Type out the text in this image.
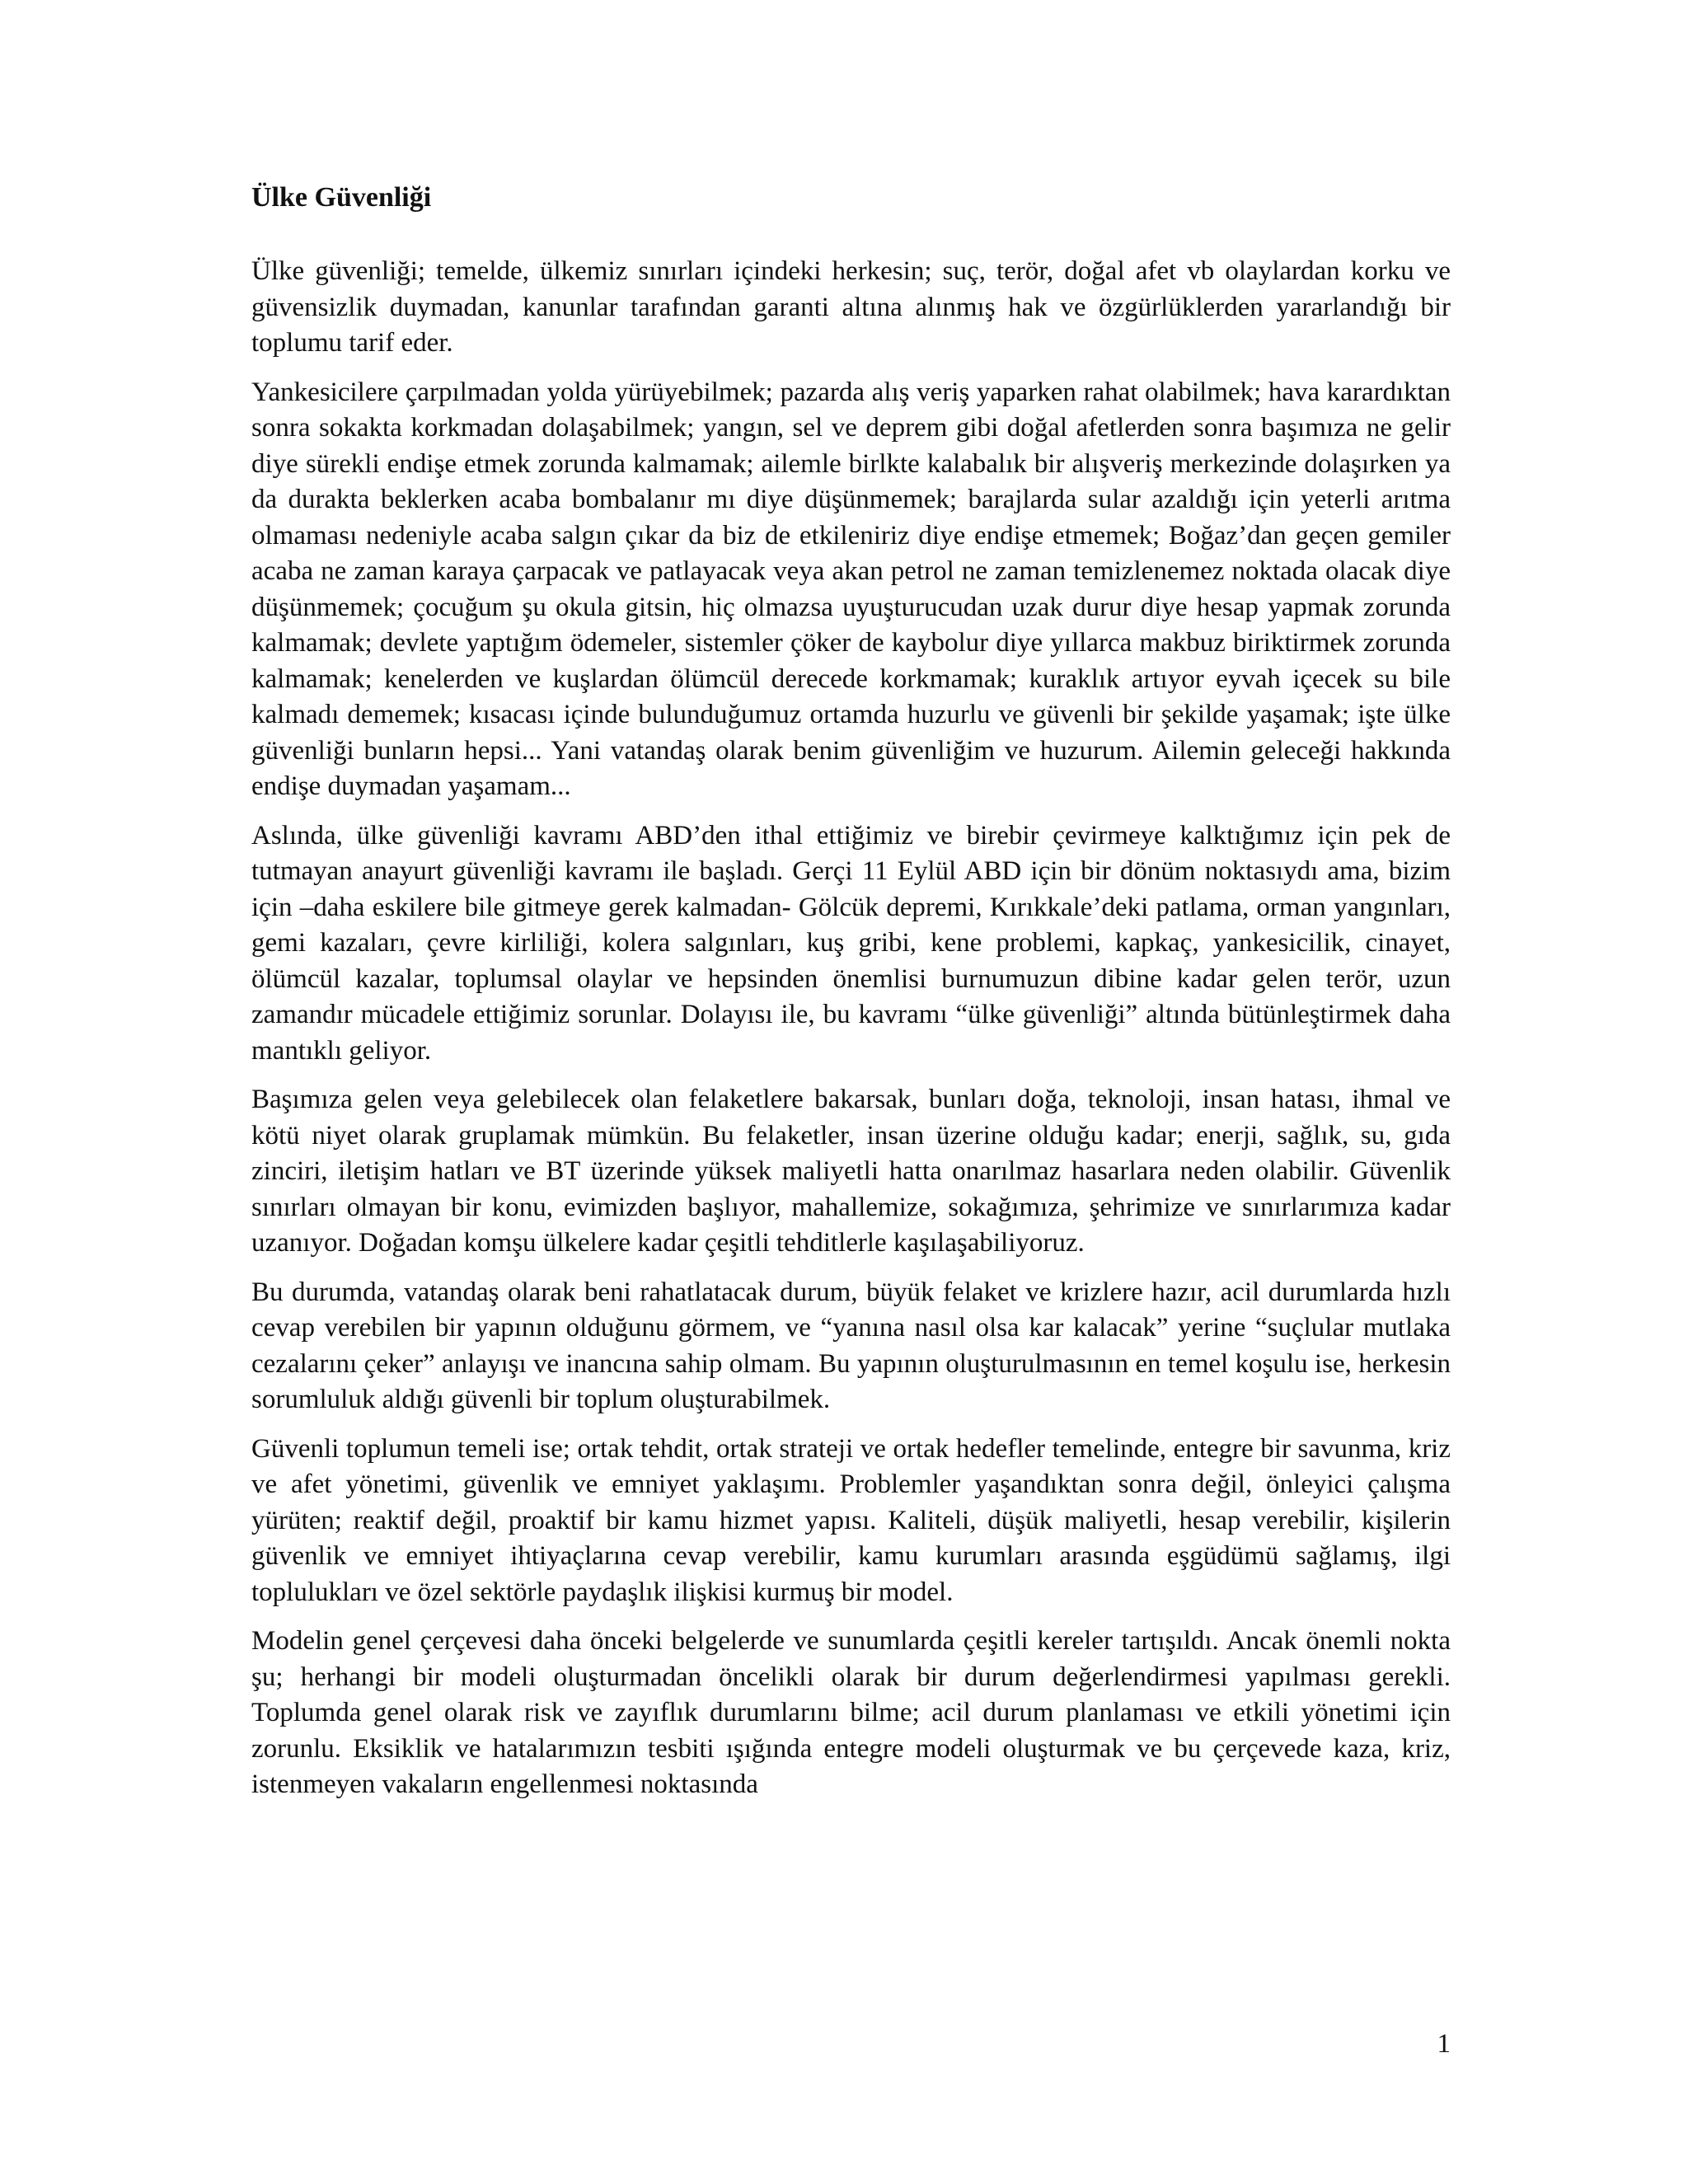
Ülke Güvenliği

Ülke güvenliği; temelde, ülkemiz sınırları içindeki herkesin; suç, terör, doğal afet vb olaylardan korku ve güvensizlik duymadan, kanunlar tarafından garanti altına alınmış hak ve özgürlüklerden yararlandığı bir toplumu tarif eder.

Yankesicilere çarpılmadan yolda yürüyebilmek; pazarda alış veriş yaparken rahat olabilmek; hava karardıktan sonra sokakta korkmadan dolaşabilmek; yangın, sel ve deprem gibi doğal afetlerden sonra başımıza ne gelir diye sürekli endişe etmek zorunda kalmamak; ailemle birlkte kalabalık bir alışveriş merkezinde dolaşırken ya da durakta beklerken acaba bombalanır mı diye düşünmemek; barajlarda sular azaldığı için yeterli arıtma olmaması nedeniyle acaba salgın çıkar da biz de etkileniriz diye endişe etmemek; Boğaz’dan geçen gemiler acaba ne zaman karaya çarpacak ve patlayacak veya akan petrol ne zaman temizlenemez noktada olacak diye düşünmemek; çocuğum şu okula gitsin, hiç olmazsa uyuşturucudan uzak durur diye hesap yapmak zorunda kalmamak; devlete yaptığım ödemeler, sistemler çöker de kaybolur diye yıllarca makbuz biriktirmek zorunda kalmamak; kenelerden ve kuşlardan ölümcül derecede korkmamak; kuraklık artıyor eyvah içecek su bile kalmadı dememek; kısacası içinde bulunduğumuz ortamda huzurlu ve güvenli bir şekilde yaşamak; işte ülke güvenliği bunların hepsi... Yani vatandaş olarak benim güvenliğim ve huzurum. Ailemin geleceği hakkında endişe duymadan yaşamam...

Aslında, ülke güvenliği kavramı ABD’den ithal ettiğimiz ve birebir çevirmeye kalktığımız için pek de tutmayan anayurt güvenliği kavramı ile başladı. Gerçi 11 Eylül ABD için bir dönüm noktasıydı ama, bizim için –daha eskilere bile gitmeye gerek kalmadan- Gölcük depremi, Kırıkkale’deki patlama, orman yangınları, gemi kazaları, çevre kirliliği, kolera salgınları, kuş gribi, kene problemi, kapkaç, yankesicilik, cinayet, ölümcül kazalar, toplumsal olaylar ve hepsinden önemlisi burnumuzun dibine kadar gelen terör, uzun zamandır mücadele ettiğimiz sorunlar. Dolayısı ile, bu kavramı “ülke güvenliği” altında bütünleştirmek daha mantıklı geliyor.

Başımıza gelen veya gelebilecek olan felaketlere bakarsak, bunları doğa, teknoloji, insan hatası, ihmal ve kötü niyet olarak gruplamak mümkün. Bu felaketler, insan üzerine olduğu kadar; enerji, sağlık, su, gıda zinciri, iletişim hatları ve BT üzerinde yüksek maliyetli hatta onarılmaz hasarlara neden olabilir. Güvenlik sınırları olmayan bir konu, evimizden başlıyor, mahallemize, sokağımıza, şehrimize ve sınırlarımıza kadar uzanıyor. Doğadan komşu ülkelere kadar çeşitli tehditlerle kaşılaşabiliyoruz.

Bu durumda, vatandaş olarak beni rahatlatacak durum, büyük felaket ve krizlere hazır, acil durumlarda hızlı cevap verebilen bir yapının olduğunu görmem, ve “yanına nasıl olsa kar kalacak” yerine “suçlular mutlaka cezalarını çeker” anlayışı ve inancına sahip olmam. Bu yapının oluşturulmasının en temel koşulu ise, herkesin sorumluluk aldığı güvenli bir toplum oluşturabilmek.

Güvenli toplumun temeli ise; ortak tehdit, ortak strateji ve ortak hedefler temelinde, entegre bir savunma, kriz ve afet yönetimi, güvenlik ve emniyet yaklaşımı. Problemler yaşandıktan sonra değil, önleyici çalışma yürüten; reaktif değil, proaktif bir kamu hizmet yapısı. Kaliteli, düşük maliyetli, hesap verebilir, kişilerin güvenlik ve emniyet ihtiyaçlarına cevap verebilir, kamu kurumları arasında eşgüdümü sağlamış, ilgi toplulukları ve özel sektörle paydaşlık ilişkisi kurmuş bir model.

Modelin genel çerçevesi daha önceki belgelerde ve sunumlarda çeşitli kereler tartışıldı. Ancak önemli nokta şu; herhangi bir modeli oluşturmadan öncelikli olarak bir durum değerlendirmesi yapılması gerekli. Toplumda genel olarak risk ve zayıflık durumlarını bilme; acil durum planlaması ve etkili yönetimi için zorunlu. Eksiklik ve hatalarımızın tesbiti ışığında entegre modeli oluşturmak ve bu çerçevede kaza, kriz, istenmeyen vakaların engellenmesi noktasında

1
